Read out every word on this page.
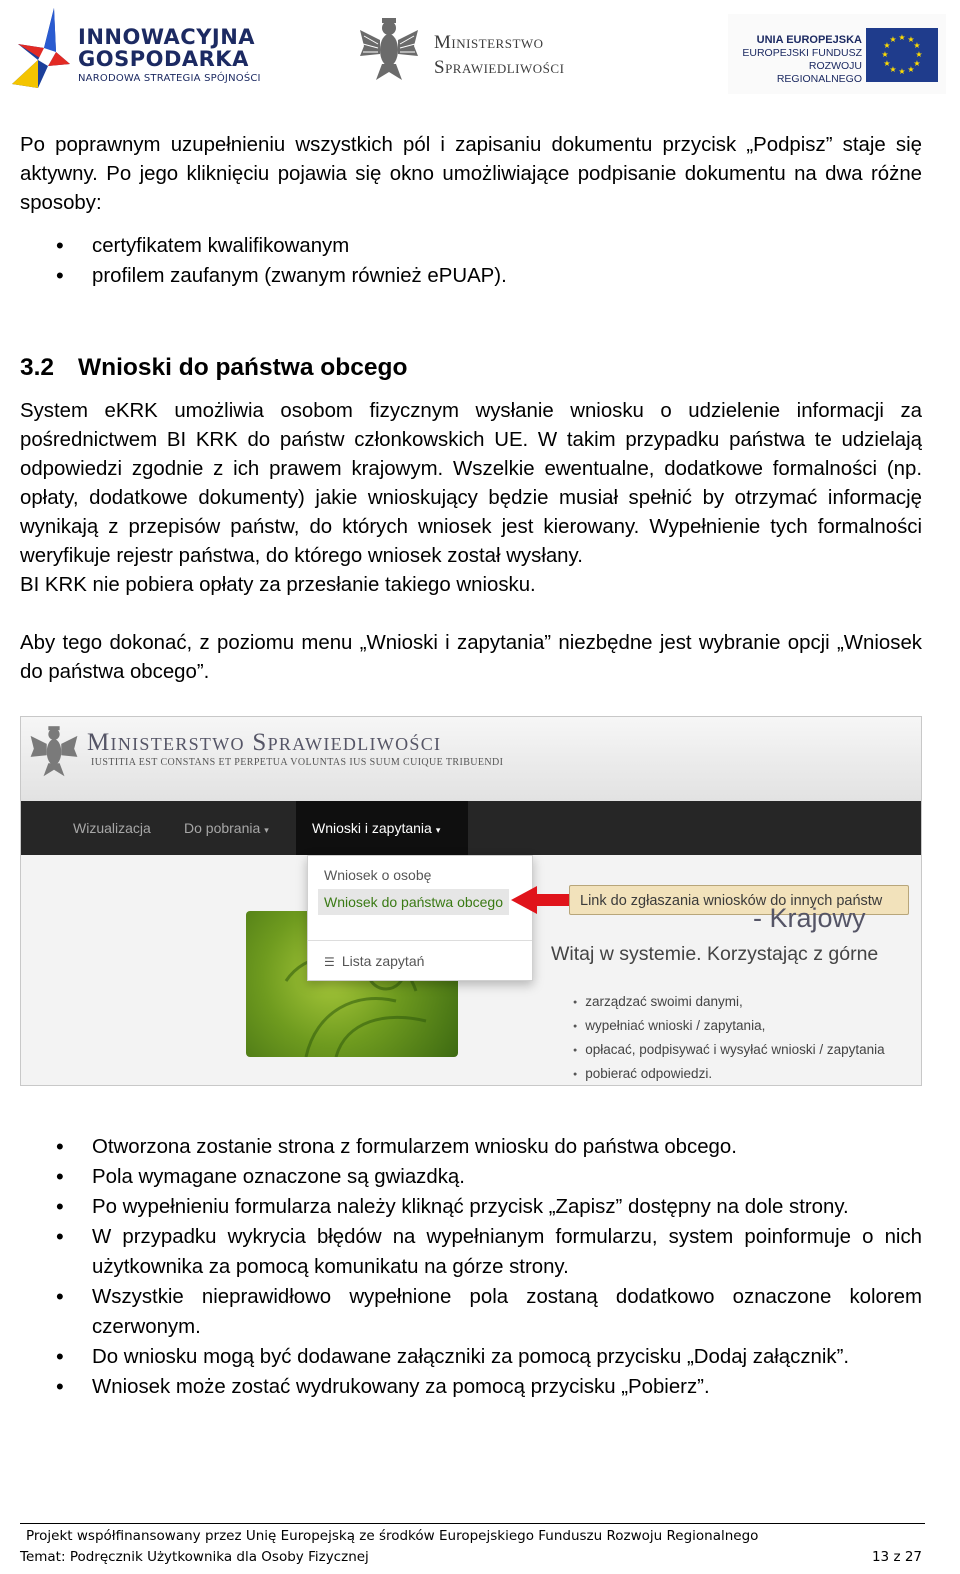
INNOWACYJNA
GOSPODARKA
NARODOWA STRATEGIA SPÓJNOŚCI
Ministerstwo
Sprawiedliwości
UNIA EUROPEJSKA
EUROPEJSKI FUNDUSZ
ROZWOJU REGIONALNEGO
★ ★
★
★
★
★
★
★
★
★
★
★
Po poprawnym uzupełnieniu wszystkich pól i zapisaniu dokumentu przycisk „Podpisz” staje się aktywny. Po jego kliknięciu pojawia się okno umożliwiające podpisanie dokumentu na dwa różne sposoby:
• certyfikatem kwalifikowanym
• profilem zaufanym (zwanym również ePUAP).
3.2 Wnioski do państwa obcego
System eKRK umożliwia osobom fizycznym wysłanie wniosku o udzielenie informacji za pośrednictwem BI KRK do państw członkowskich UE. W takim przypadku państwa te udzielają odpowiedzi zgodnie z ich prawem krajowym. Wszelkie ewentualne, dodatkowe formalności (np. opłaty, dodatkowe dokumenty) jakie wnioskujący będzie musiał spełnić by otrzymać informację wynikają z przepisów państw, do których wniosek jest kierowany. Wypełnienie tych formalności weryfikuje rejestr państwa, do którego wniosek został wysłany.
BI KRK nie pobiera opłaty za przesłanie takiego wniosku.
Aby tego dokonać, z poziomu menu „Wnioski i zapytania” niezbędne jest wybranie opcji „Wniosek do państwa obcego”.
Ministerstwo Sprawiedliwości
IUSTITIA EST CONSTANS ET PERPETUA VOLUNTAS IUS SUUM CUIQUE TRIBUENDI
Wizualizacja Do pobrania ▾	Wnioski i zapytania ▾
Wniosek o osobę
Wniosek do państwa obcego
☰ Lista zapytań
Link do zgłaszania wniosków do innych państw
- Krajowy
Witaj w systemie. Korzystając z górne
● zarządzać swoimi danymi,
● wypełniać wnioski / zapytania,
● opłacać, podpisywać i wysyłać wnioski / zapytania
● pobierać odpowiedzi.
• Otworzona zostanie strona z formularzem wniosku do państwa obcego.
• Pola wymagane oznaczone są gwiazdką.
• Po wypełnieniu formularza należy kliknąć przycisk „Zapisz” dostępny na dole strony.
• W przypadku wykrycia błędów na wypełnianym formularzu, system poinformuje o nich użytkownika za pomocą komunikatu na górze strony.
• Wszystkie nieprawidłowo wypełnione pola zostaną dodatkowo oznaczone kolorem czerwonym.
• Do wniosku mogą być dodawane załączniki za pomocą przycisku „Dodaj załącznik”.
• Wniosek może zostać wydrukowany za pomocą przycisku „Pobierz”.
Projekt współfinansowany przez Unię Europejską ze środków Europejskiego Funduszu Rozwoju Regionalnego
Temat: Podręcznik Użytkownika dla Osoby Fizycznej	13 z 27
